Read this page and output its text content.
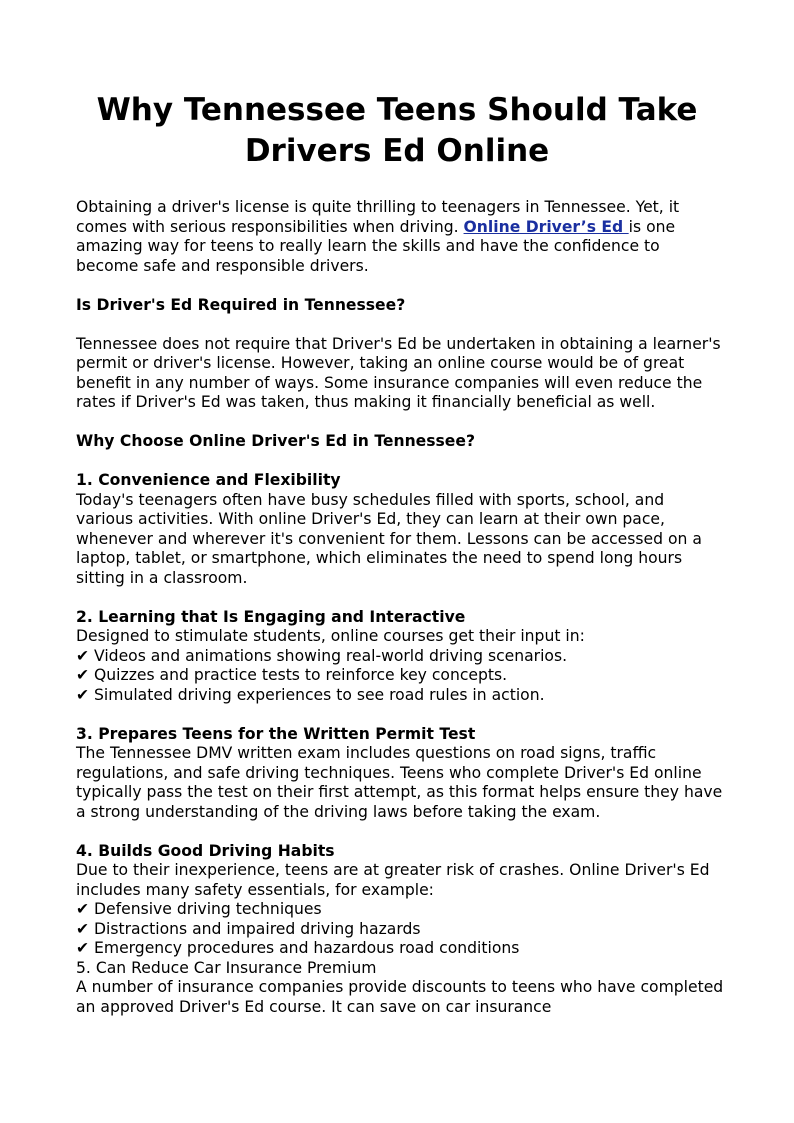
Why Tennessee Teens Should Take Drivers Ed Online

Obtaining a driver's license is quite thrilling to teenagers in Tennessee. Yet, it comes with serious responsibilities when driving. Online Driver’s Ed is one amazing way for teens to really learn the skills and have the confidence to become safe and responsible drivers.

Is Driver's Ed Required in Tennessee?

Tennessee does not require that Driver's Ed be undertaken in obtaining a learner's permit or driver's license. However, taking an online course would be of great benefit in any number of ways. Some insurance companies will even reduce the rates if Driver's Ed was taken, thus making it financially beneficial as well.

Why Choose Online Driver's Ed in Tennessee?

1. Convenience and Flexibility

Today's teenagers often have busy schedules filled with sports, school, and various activities. With online Driver's Ed, they can learn at their own pace, whenever and wherever it's convenient for them. Lessons can be accessed on a laptop, tablet, or smartphone, which eliminates the need to spend long hours sitting in a classroom.

2. Learning that Is Engaging and Interactive

Designed to stimulate students, online courses get their input in:

✔ Videos and animations showing real-world driving scenarios.

✔ Quizzes and practice tests to reinforce key concepts.

✔ Simulated driving experiences to see road rules in action.

3. Prepares Teens for the Written Permit Test

The Tennessee DMV written exam includes questions on road signs, traffic regulations, and safe driving techniques. Teens who complete Driver's Ed online typically pass the test on their first attempt, as this format helps ensure they have a strong understanding of the driving laws before taking the exam.

4. Builds Good Driving Habits

Due to their inexperience, teens are at greater risk of crashes. Online Driver's Ed includes many safety essentials, for example:

✔ Defensive driving techniques

✔ Distractions and impaired driving hazards

✔ Emergency procedures and hazardous road conditions

5. Can Reduce Car Insurance Premium

A number of insurance companies provide discounts to teens who have completed an approved Driver's Ed course. It can save on car insurance
